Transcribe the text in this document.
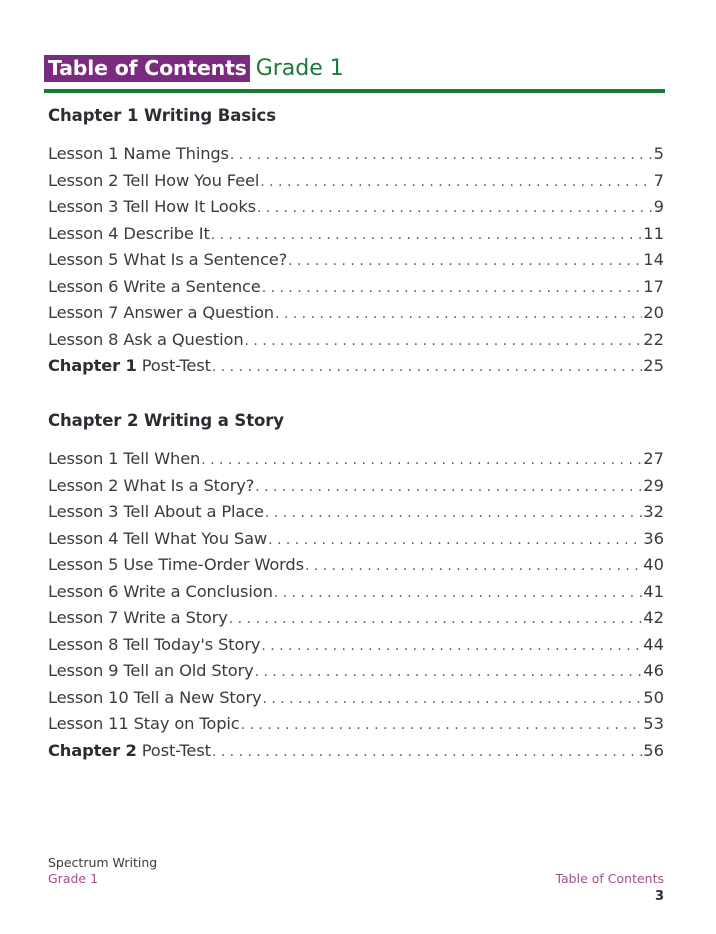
Table of Contents Grade 1
Chapter 1 Writing Basics
Lesson 1 Name Things . . .	5
Lesson 2 Tell How You Feel . . .	7
Lesson 3 Tell How It Looks . . .	9
Lesson 4 Describe It . . .	11
Lesson 5 What Is a Sentence? . . .	14
Lesson 6 Write a Sentence . . .	17
Lesson 7 Answer a Question . . .	20
Lesson 8 Ask a Question . . .	22
Chapter 1 Post-Test . . .	25
Chapter 2 Writing a Story
Lesson 1 Tell When . . .	27
Lesson 2 What Is a Story? . . .	29
Lesson 3 Tell About a Place . . .	32
Lesson 4 Tell What You Saw . . .	36
Lesson 5 Use Time-Order Words . . .	40
Lesson 6 Write a Conclusion . . .	41
Lesson 7 Write a Story . . .	42
Lesson 8 Tell Today's Story . . .	44
Lesson 9 Tell an Old Story . . .	46
Lesson 10 Tell a New Story . . .	50
Lesson 11 Stay on Topic . . .	53
Chapter 2 Post-Test . . .	56
Spectrum Writing
Grade 1	Table of Contents
3
